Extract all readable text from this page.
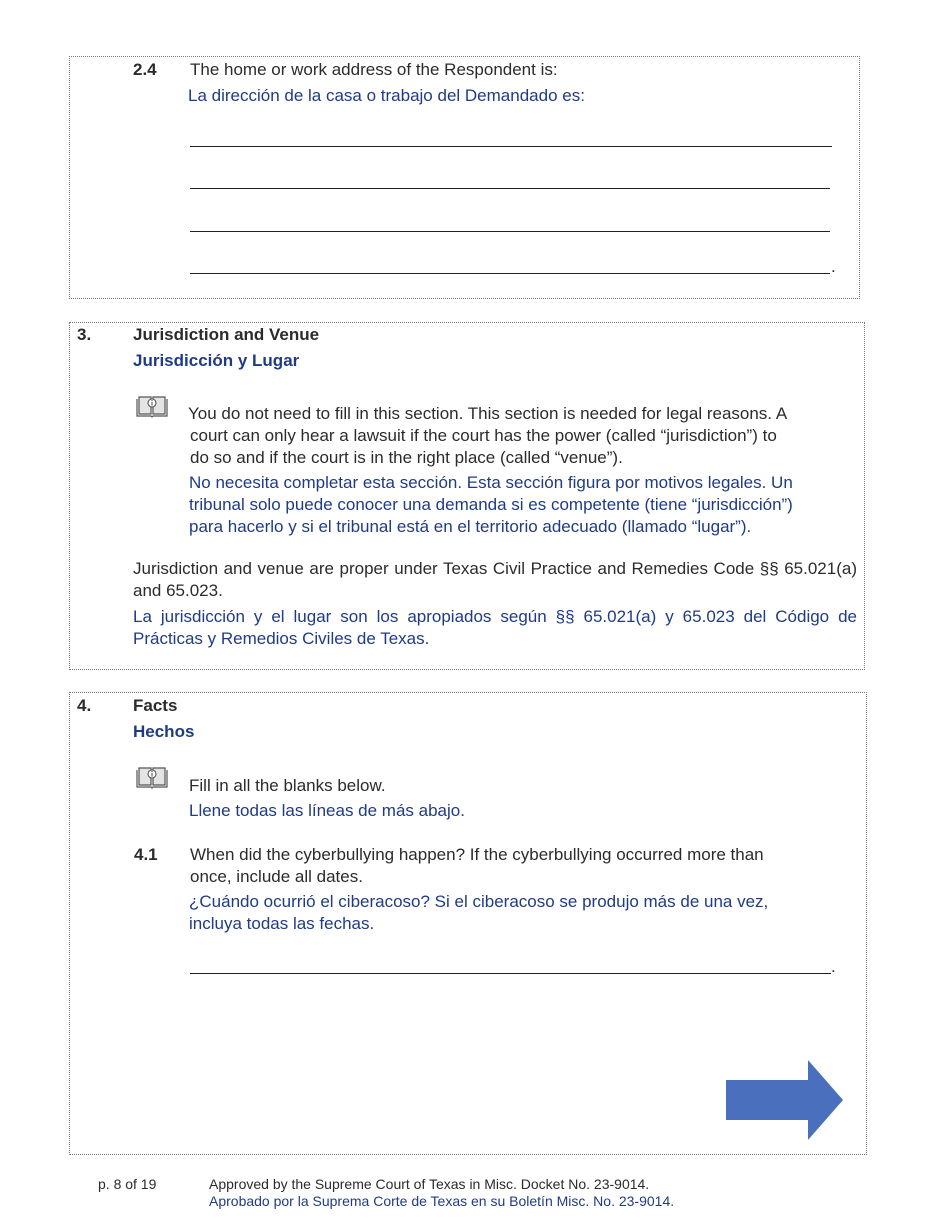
2.4 The home or work address of the Respondent is:
La dirección de la casa o trabajo del Demandado es:
.
3. Jurisdiction and Venue
Jurisdicción y Lugar
You do not need to fill in this section. This section is needed for legal reasons. A
court can only hear a lawsuit if the court has the power (called “jurisdiction”) to
do so and if the court is in the right place (called “venue”).
No necesita completar esta sección. Esta sección figura por motivos legales. Un
tribunal solo puede conocer una demanda si es competente (tiene “jurisdicción”)
para hacerlo y si el tribunal está en el territorio adecuado (llamado “lugar”).
Jurisdiction and venue are proper under Texas Civil Practice and Remedies Code §§ 65.021(a) and 65.023.
La jurisdicción y el lugar son los apropiados según §§ 65.021(a) y 65.023 del Código de Prácticas y Remedios Civiles de Texas.
4. Facts
Hechos
Fill in all the blanks below.
Llene todas las líneas de más abajo.
4.1 When did the cyberbullying happen? If the cyberbullying occurred more than
once, include all dates.
¿Cuándo ocurrió el ciberacoso? Si el ciberacoso se produjo más de una vez,
incluya todas las fechas.
.
p. 8 of 19	Approved by the Supreme Court of Texas in Misc. Docket No. 23-9014.
Aprobado por la Suprema Corte de Texas en su Boletín Misc. No. 23-9014.
